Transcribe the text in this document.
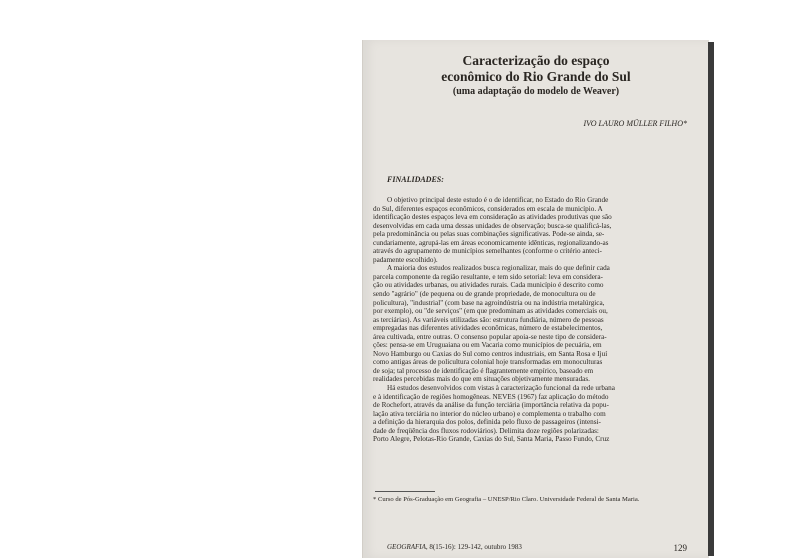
Caracterização do espaço
econômico do Rio Grande do Sul
(uma adaptação do modelo de Weaver)
IVO LAURO MÜLLER FILHO*
FINALIDADES:
O objetivo principal deste estudo é o de identificar, no Estado do Rio Grande
do Sul, diferentes espaços econômicos, considerados em escala de município. A
identificação destes espaços leva em consideração as atividades produtivas que são
desenvolvidas em cada uma dessas unidades de observação; busca-se qualificá-las,
pela predominância ou pelas suas combinações significativas. Pode-se ainda, se-
cundariamente, agrupá-las em áreas economicamente idênticas, regionalizando-as
através do agrupamento de municípios semelhantes (conforme o critério anteci-
padamente escolhido).
A maioria dos estudos realizados busca regionalizar, mais do que definir cada
parcela componente da região resultante, e tem sido setorial: leva em considera-
ção ou atividades urbanas, ou atividades rurais. Cada município é descrito como
sendo "agrário" (de pequena ou de grande propriedade, de monocultura ou de
policultura), "industrial" (com base na agroindústria ou na indústria metalúrgica,
por exemplo), ou "de serviços" (em que predominam as atividades comerciais ou,
as terciárias). As variáveis utilizadas são: estrutura fundiária, número de pessoas
empregadas nas diferentes atividades econômicas, número de estabelecimentos,
área cultivada, entre outras. O consenso popular apoia-se neste tipo de considera-
ções: pensa-se em Uruguaiana ou em Vacaria como municípios de pecuária, em
Novo Hamburgo ou Caxias do Sul como centros industriais, em Santa Rosa e Ijuí
como antigas áreas de policultura colonial hoje transformadas em monoculturas
de soja; tal processo de identificação é flagrantemente empírico, baseado em
realidades percebidas mais do que em situações objetivamente mensuradas.
Há estudos desenvolvidos com vistas à caracterização funcional da rede urbana
e à identificação de regiões homogêneas. NEVES (1967) faz aplicação do método
de Rochefort, através da análise da função terciária (importância relativa da popu-
lação ativa terciária no interior do núcleo urbano) e complementa o trabalho com
a definição da hierarquia dos polos, definida pelo fluxo de passageiros (intensi-
dade de freqüência dos fluxos rodoviários). Delimita doze regiões polarizadas:
Porto Alegre, Pelotas-Rio Grande, Caxias do Sul, Santa Maria, Passo Fundo, Cruz
* Curso de Pós-Graduação em Geografia – UNESP/Rio Claro. Universidade Federal de Santa Maria.
GEOGRAFIA, 8(15-16): 129-142, outubro 1983	129
